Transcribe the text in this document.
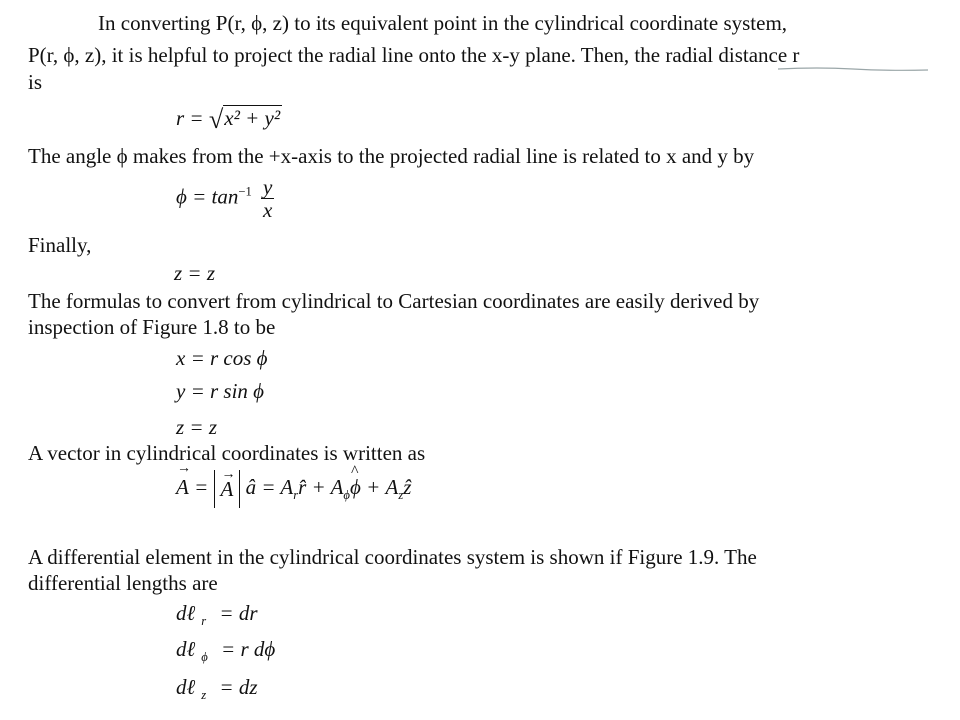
In converting P(r, ϕ, z) to its equivalent point in the cylindrical coordinate system,

P(r, ϕ, z), it is helpful to project the radial line onto the x-y plane. Then, the radial distance r

is

r = √x² + y²

The angle ϕ makes from the +x-axis to the projected radial line is related to x and y by

$\phi = \tan^{-1} \frac{y}{x}$

Finally,

z = z

The formulas to convert from cylindrical to Cartesian coordinates are easily derived by

inspection of Figure 1.8 to be

x = r cos ϕ
y = r sin ϕ
z = z

A vector in cylindrical coordinates is written as

→ A = → A â = $A_rr̂$ + $A_\phi\^{}$ $\phi + A_zẑ$

A differential element in the cylindrical coordinates system is shown if Figure 1.9. The

differential lengths are

dℓ $_r$ = dr
dℓ $_\phi$ = r dϕ
dℓ $_z$ = dz
